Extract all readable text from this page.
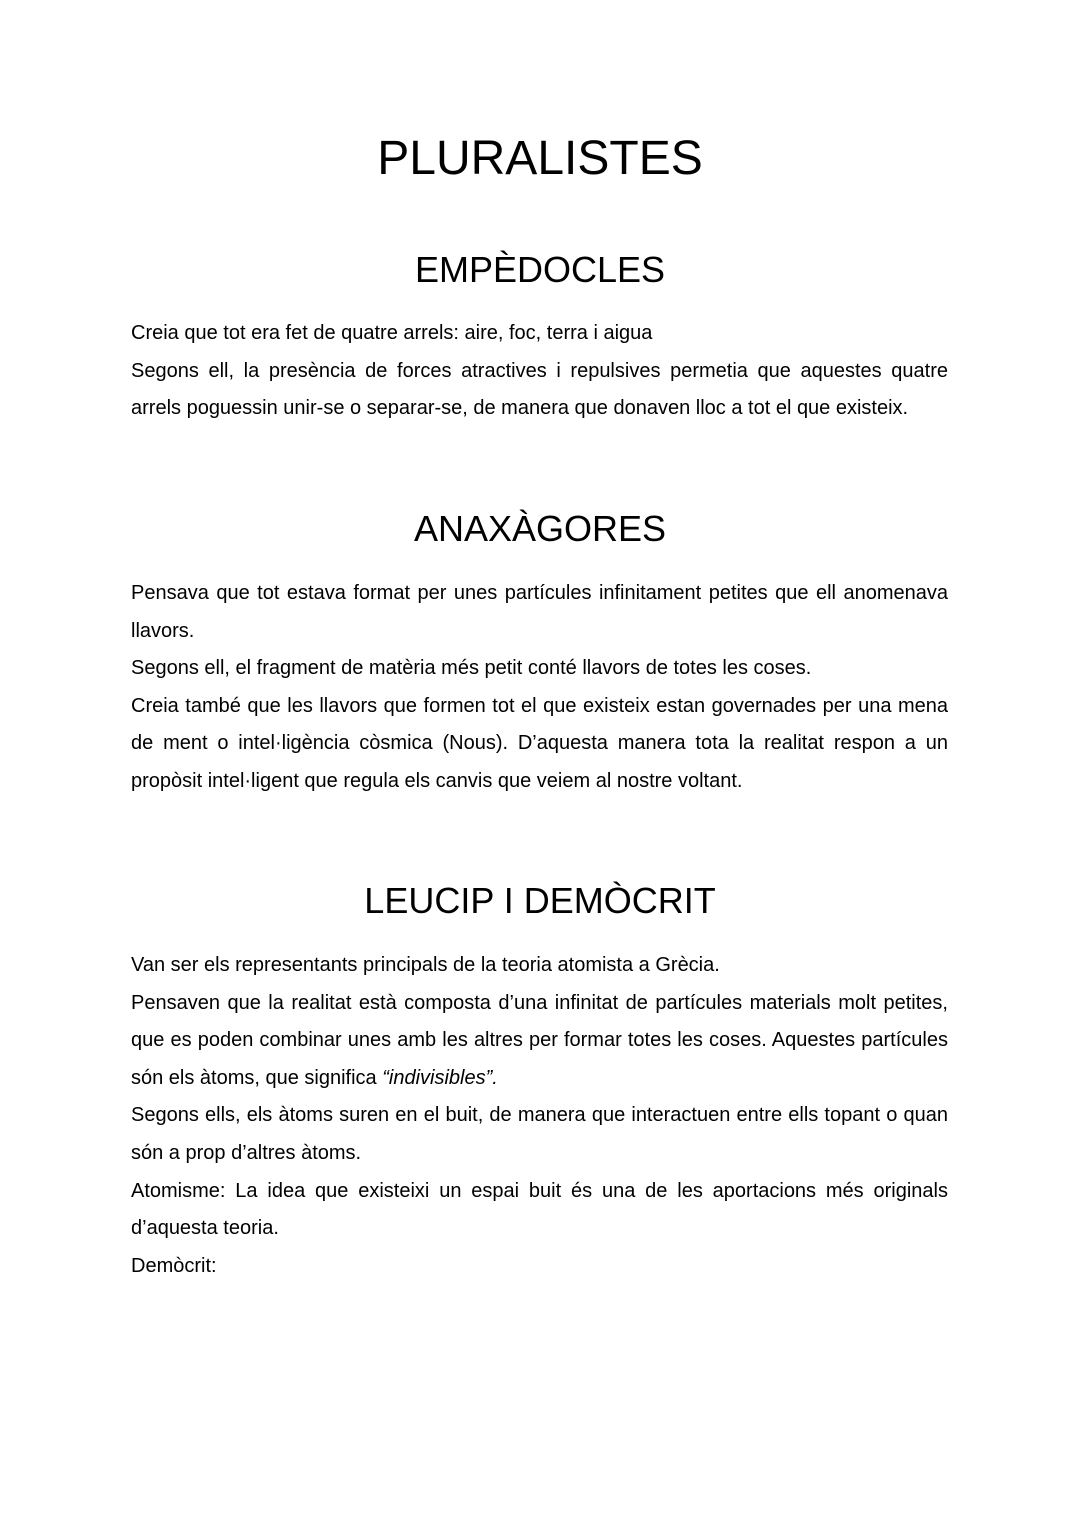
PLURALISTES
EMPÈDOCLES

Creia que tot era fet de quatre arrels: aire, foc, terra i aigua

Segons ell, la presència de forces atractives i repulsives permetia que aquestes quatre arrels poguessin unir-se o separar-se, de manera que donaven lloc a tot el que existeix.

ANAXÀGORES

Pensava que tot estava format per unes partícules infinitament petites que ell anomenava llavors.

Segons ell, el fragment de matèria més petit conté llavors de totes les coses.

Creia també que les llavors que formen tot el que existeix estan governades per una mena de ment o intel·ligència còsmica (Nous). D’aquesta manera tota la realitat respon a un propòsit intel·ligent que regula els canvis que veiem al nostre voltant.

LEUCIP I DEMÒCRIT

Van ser els representants principals de la teoria atomista a Grècia.

Pensaven que la realitat està composta d’una infinitat de partícules materials molt petites, que es poden combinar unes amb les altres per formar totes les coses. Aquestes partícules són els àtoms, que significa “indivisibles”.

Segons ells, els àtoms suren en el buit, de manera que interactuen entre ells topant o quan són a prop d’altres àtoms.

Atomisme: La idea que existeixi un espai buit és una de les aportacions més originals d’aquesta teoria.

Demòcrit:
